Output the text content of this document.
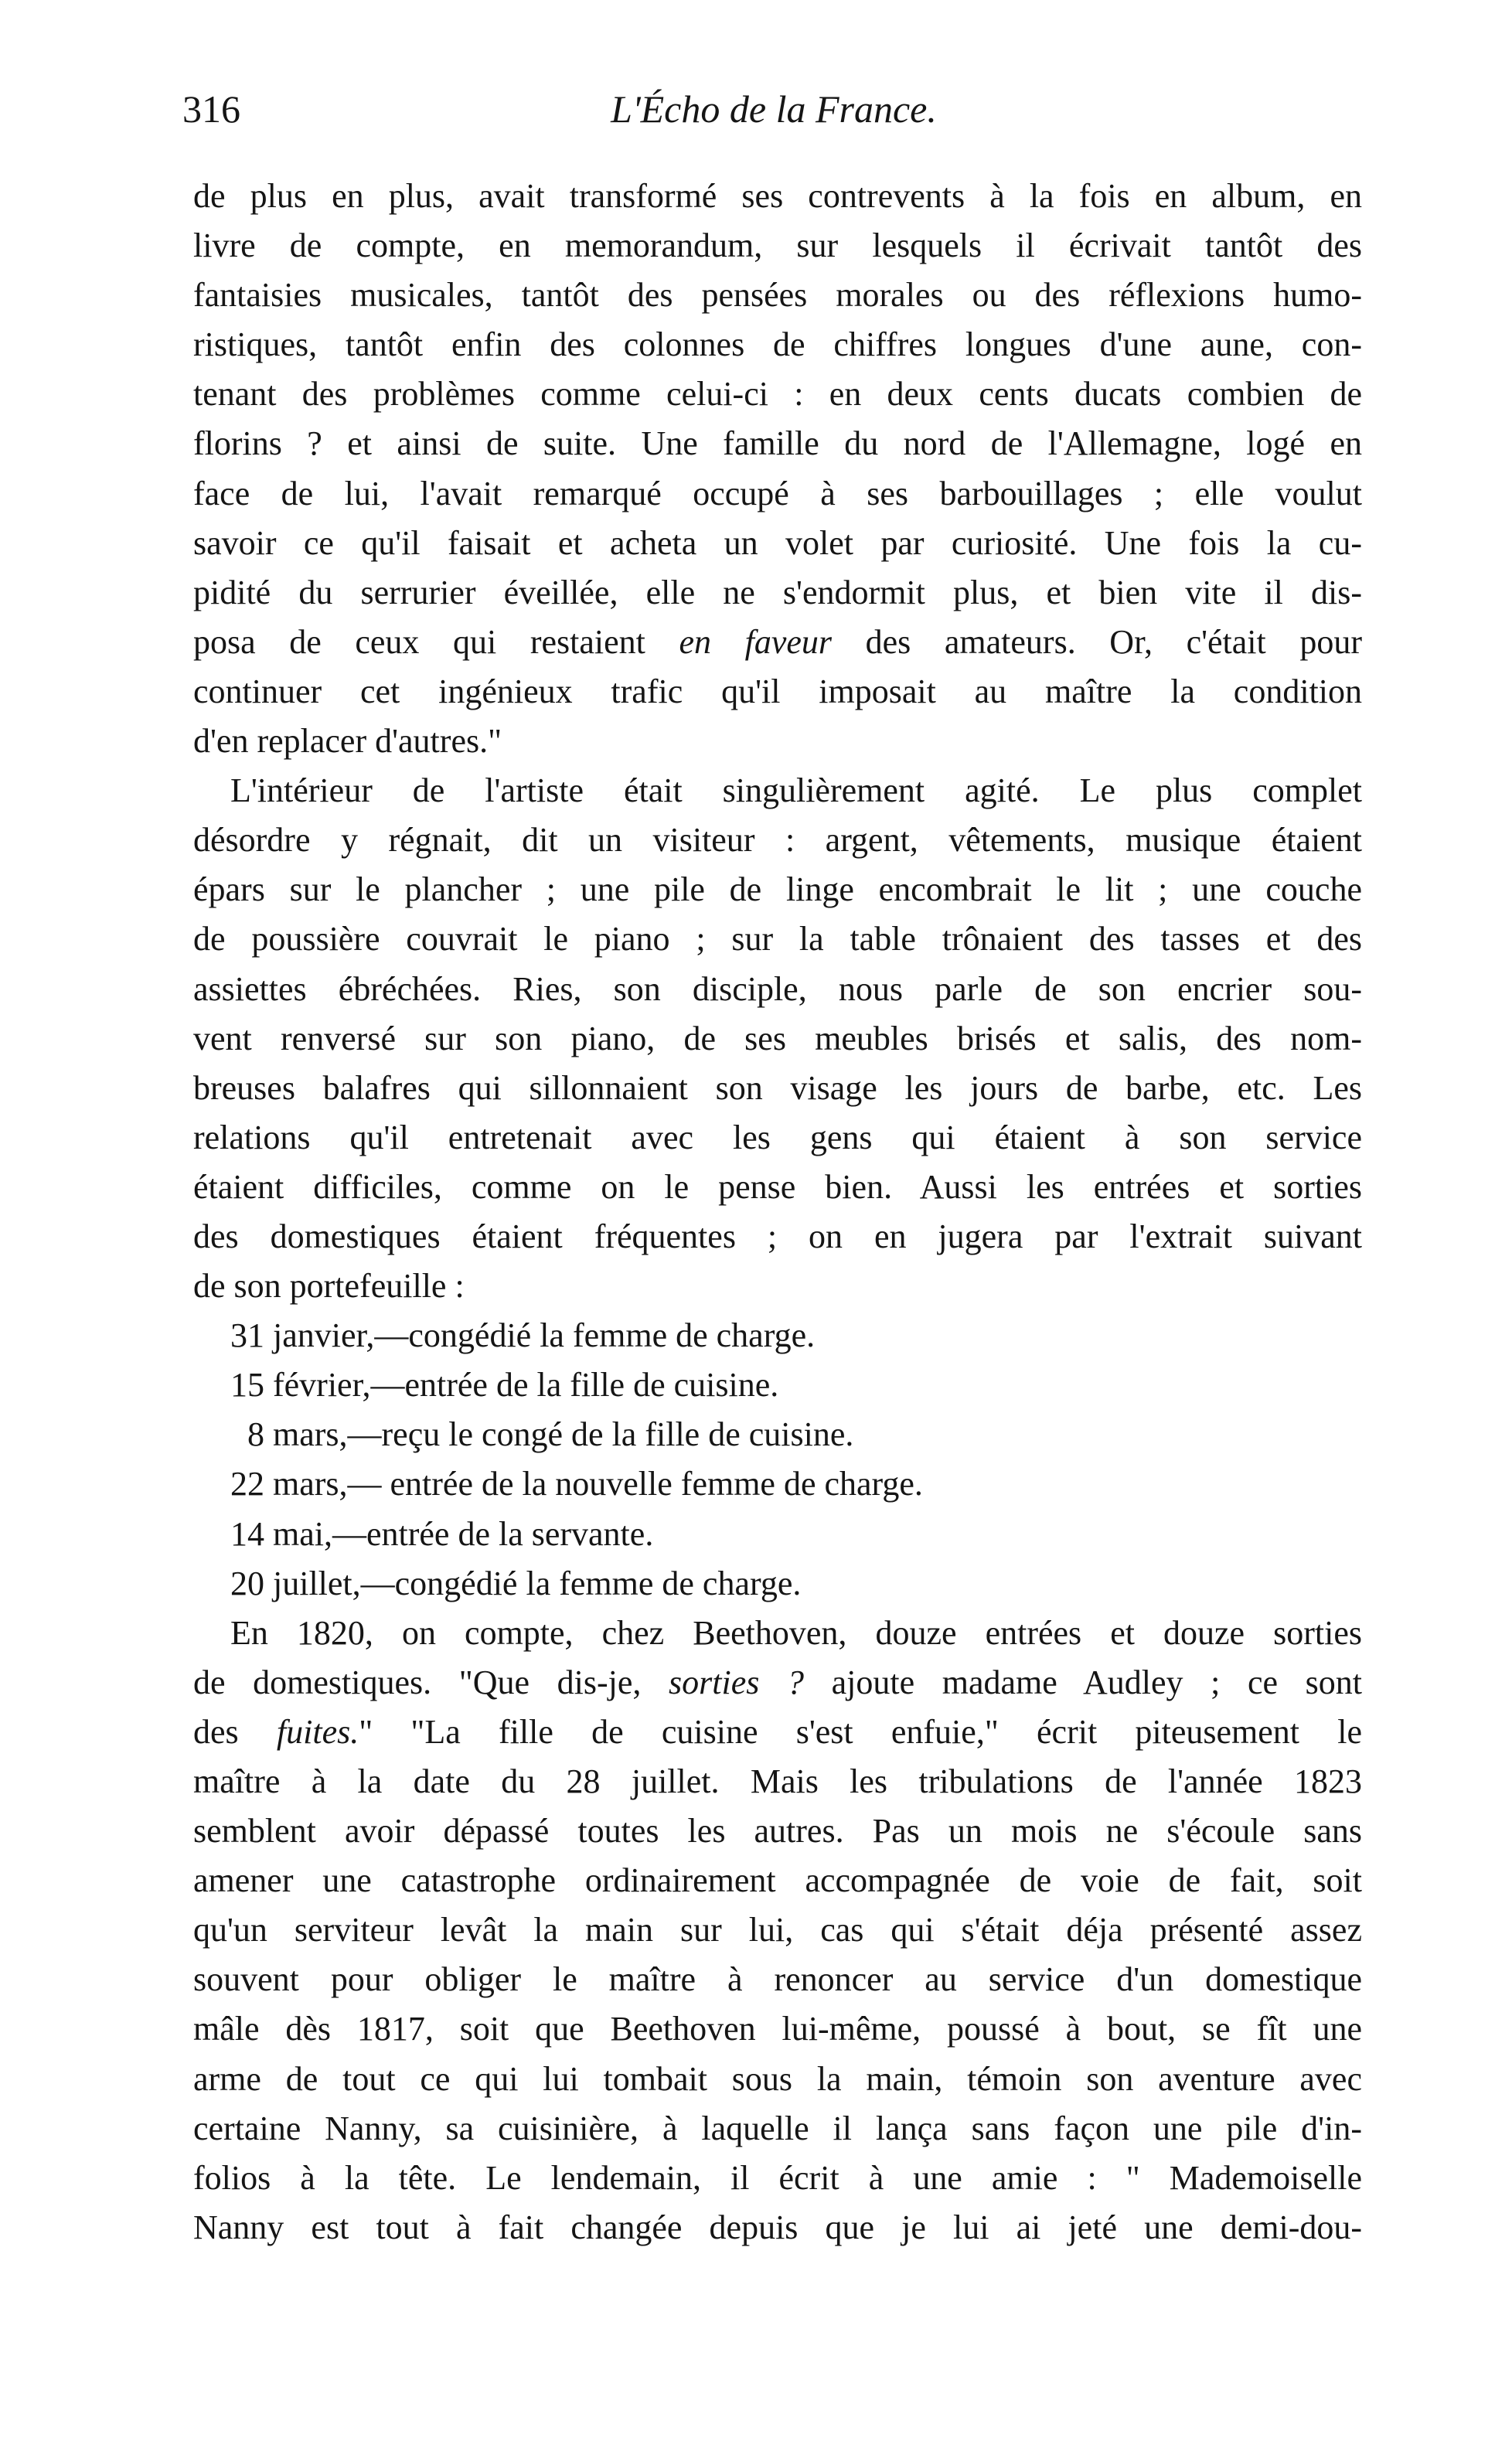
316	L'Écho de la France.
de plus en plus, avait transformé ses contrevents à la fois en album, en
livre de compte, en memorandum, sur lesquels il écrivait tantôt des
fantaisies musicales, tantôt des pensées morales ou des réflexions humo-
ristiques, tantôt enfin des colonnes de chiffres longues d'une aune, con-
tenant des problèmes comme celui-ci : en deux cents ducats combien de
florins ? et ainsi de suite. Une famille du nord de l'Allemagne, logé en
face de lui, l'avait remarqué occupé à ses barbouillages ; elle voulut
savoir ce qu'il faisait et acheta un volet par curiosité. Une fois la cu-
pidité du serrurier éveillée, elle ne s'endormit plus, et bien vite il dis-
posa de ceux qui restaient en faveur des amateurs. Or, c'était pour
continuer cet ingénieux trafic qu'il imposait au maître la condition
d'en replacer d'autres."
L'intérieur de l'artiste était singulièrement agité. Le plus complet
désordre y régnait, dit un visiteur : argent, vêtements, musique étaient
épars sur le plancher ; une pile de linge encombrait le lit ; une couche
de poussière couvrait le piano ; sur la table trônaient des tasses et des
assiettes ébréchées. Ries, son disciple, nous parle de son encrier sou-
vent renversé sur son piano, de ses meubles brisés et salis, des nom-
breuses balafres qui sillonnaient son visage les jours de barbe, etc. Les
relations qu'il entretenait avec les gens qui étaient à son service
étaient difficiles, comme on le pense bien. Aussi les entrées et sorties
des domestiques étaient fréquentes ; on en jugera par l'extrait suivant
de son portefeuille :
31 janvier,—congédié la femme de charge.
15 février,—entrée de la fille de cuisine.
8 mars,—reçu le congé de la fille de cuisine.
22 mars,— entrée de la nouvelle femme de charge.
14 mai,—entrée de la servante.
20 juillet,—congédié la femme de charge.
En 1820, on compte, chez Beethoven, douze entrées et douze sorties
de domestiques. "Que dis-je, sorties ? ajoute madame Audley ; ce sont
des fuites." "La fille de cuisine s'est enfuie," écrit piteusement le
maître à la date du 28 juillet. Mais les tribulations de l'année 1823
semblent avoir dépassé toutes les autres. Pas un mois ne s'écoule sans
amener une catastrophe ordinairement accompagnée de voie de fait, soit
qu'un serviteur levât la main sur lui, cas qui s'était déja présenté assez
souvent pour obliger le maître à renoncer au service d'un domestique
mâle dès 1817, soit que Beethoven lui-même, poussé à bout, se fît une
arme de tout ce qui lui tombait sous la main, témoin son aventure avec
certaine Nanny, sa cuisinière, à laquelle il lança sans façon une pile d'in-
folios à la tête. Le lendemain, il écrit à une amie : " Mademoiselle
Nanny est tout à fait changée depuis que je lui ai jeté une demi-dou-
